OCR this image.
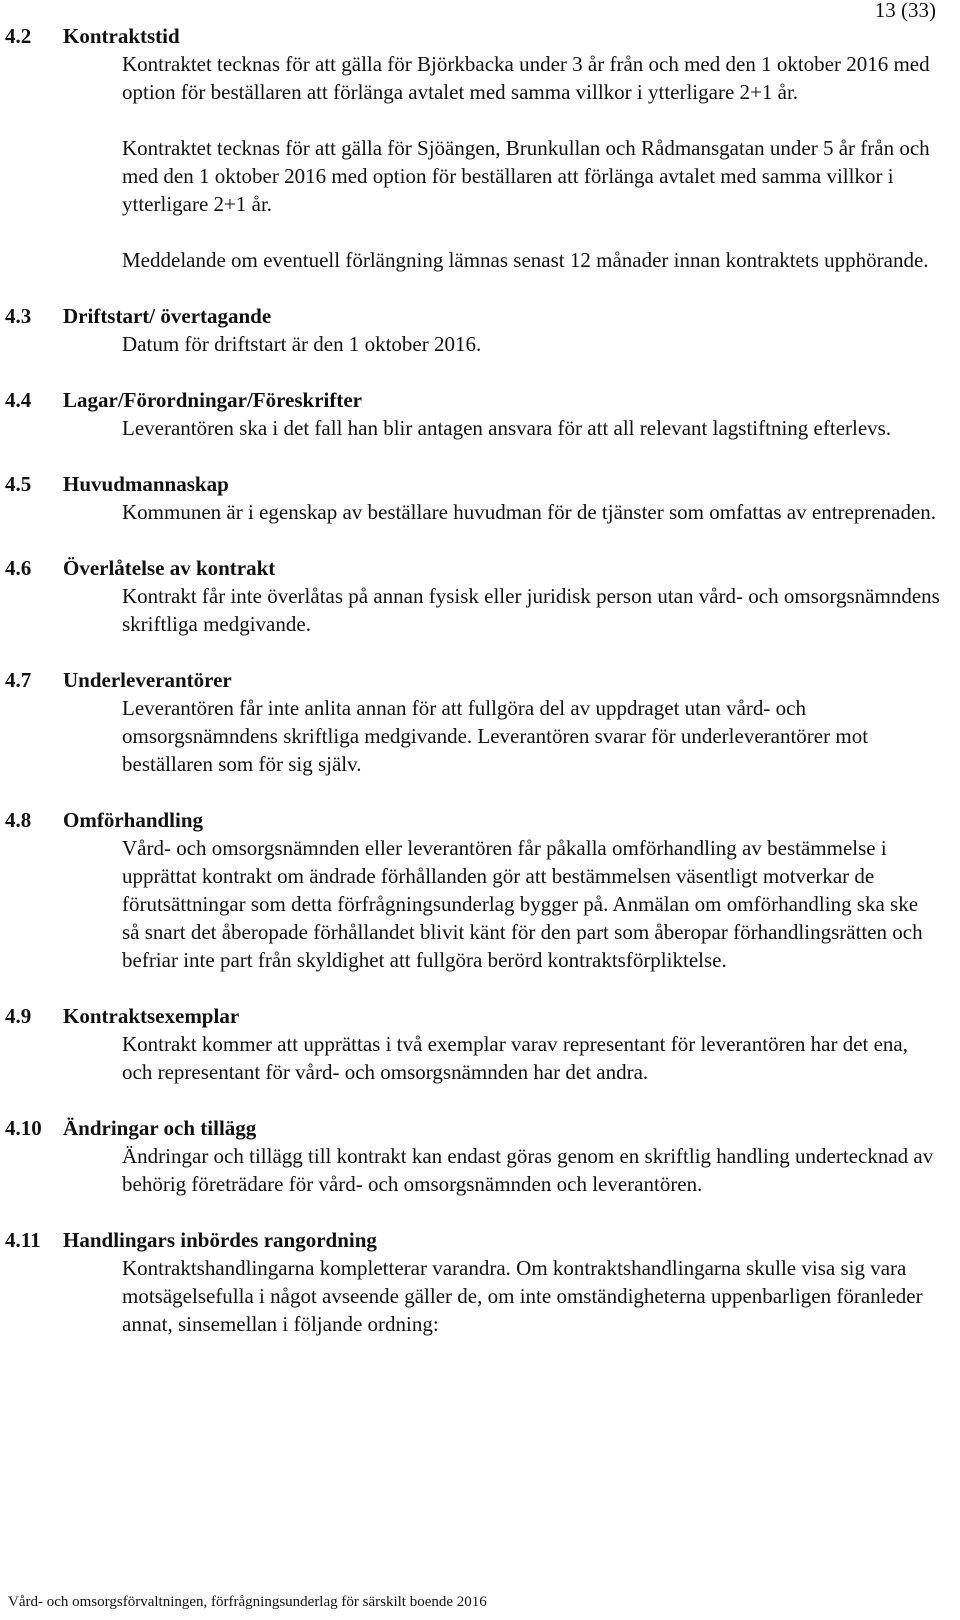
13 (33)
4.2	Kontraktstid

Kontraktet tecknas för att gälla för Björkbacka under 3 år från och med den 1 oktober 2016 med option för beställaren att förlänga avtalet med samma villkor i ytterligare 2+1 år.

Kontraktet tecknas för att gälla för Sjöängen, Brunkullan och Rådmansgatan under 5 år från och med den 1 oktober 2016 med option för beställaren att förlänga avtalet med samma villkor i ytterligare 2+1 år.

Meddelande om eventuell förlängning lämnas senast 12 månader innan kontraktets upphörande.

4.3	Driftstart/ övertagande

Datum för driftstart är den 1 oktober 2016.

4.4	Lagar/Förordningar/Föreskrifter

Leverantören ska i det fall han blir antagen ansvara för att all relevant lagstiftning efterlevs.

4.5	Huvudmannaskap

Kommunen är i egenskap av beställare huvudman för de tjänster som omfattas av entreprenaden.

4.6	Överlåtelse av kontrakt

Kontrakt får inte överlåtas på annan fysisk eller juridisk person utan vård- och omsorgsnämndens skriftliga medgivande.

4.7	Underleverantörer

Leverantören får inte anlita annan för att fullgöra del av uppdraget utan vård- och omsorgsnämndens skriftliga medgivande. Leverantören svarar för underleverantörer mot beställaren som för sig själv.

4.8	Omförhandling

Vård- och omsorgsnämnden eller leverantören får påkalla omförhandling av bestämmelse i upprättat kontrakt om ändrade förhållanden gör att bestämmelsen väsentligt motverkar de förutsättningar som detta förfrågningsunderlag bygger på. Anmälan om omförhandling ska ske så snart det åberopade förhållandet blivit känt för den part som åberopar förhandlingsrätten och befriar inte part från skyldighet att fullgöra berörd kontraktsförpliktelse.

4.9	Kontraktsexemplar

Kontrakt kommer att upprättas i två exemplar varav representant för leverantören har det ena, och representant för vård- och omsorgsnämnden har det andra.

4.10	Ändringar och tillägg

Ändringar och tillägg till kontrakt kan endast göras genom en skriftlig handling undertecknad av behörig företrädare för vård- och omsorgsnämnden och leverantören.

4.11	Handlingars inbördes rangordning

Kontraktshandlingarna kompletterar varandra. Om kontraktshandlingarna skulle visa sig vara motsägelsefulla i något avseende gäller de, om inte omständigheterna uppenbarligen föranleder annat, sinsemellan i följande ordning:

Vård- och omsorgsförvaltningen, förfrågningsunderlag för särskilt boende 2016
